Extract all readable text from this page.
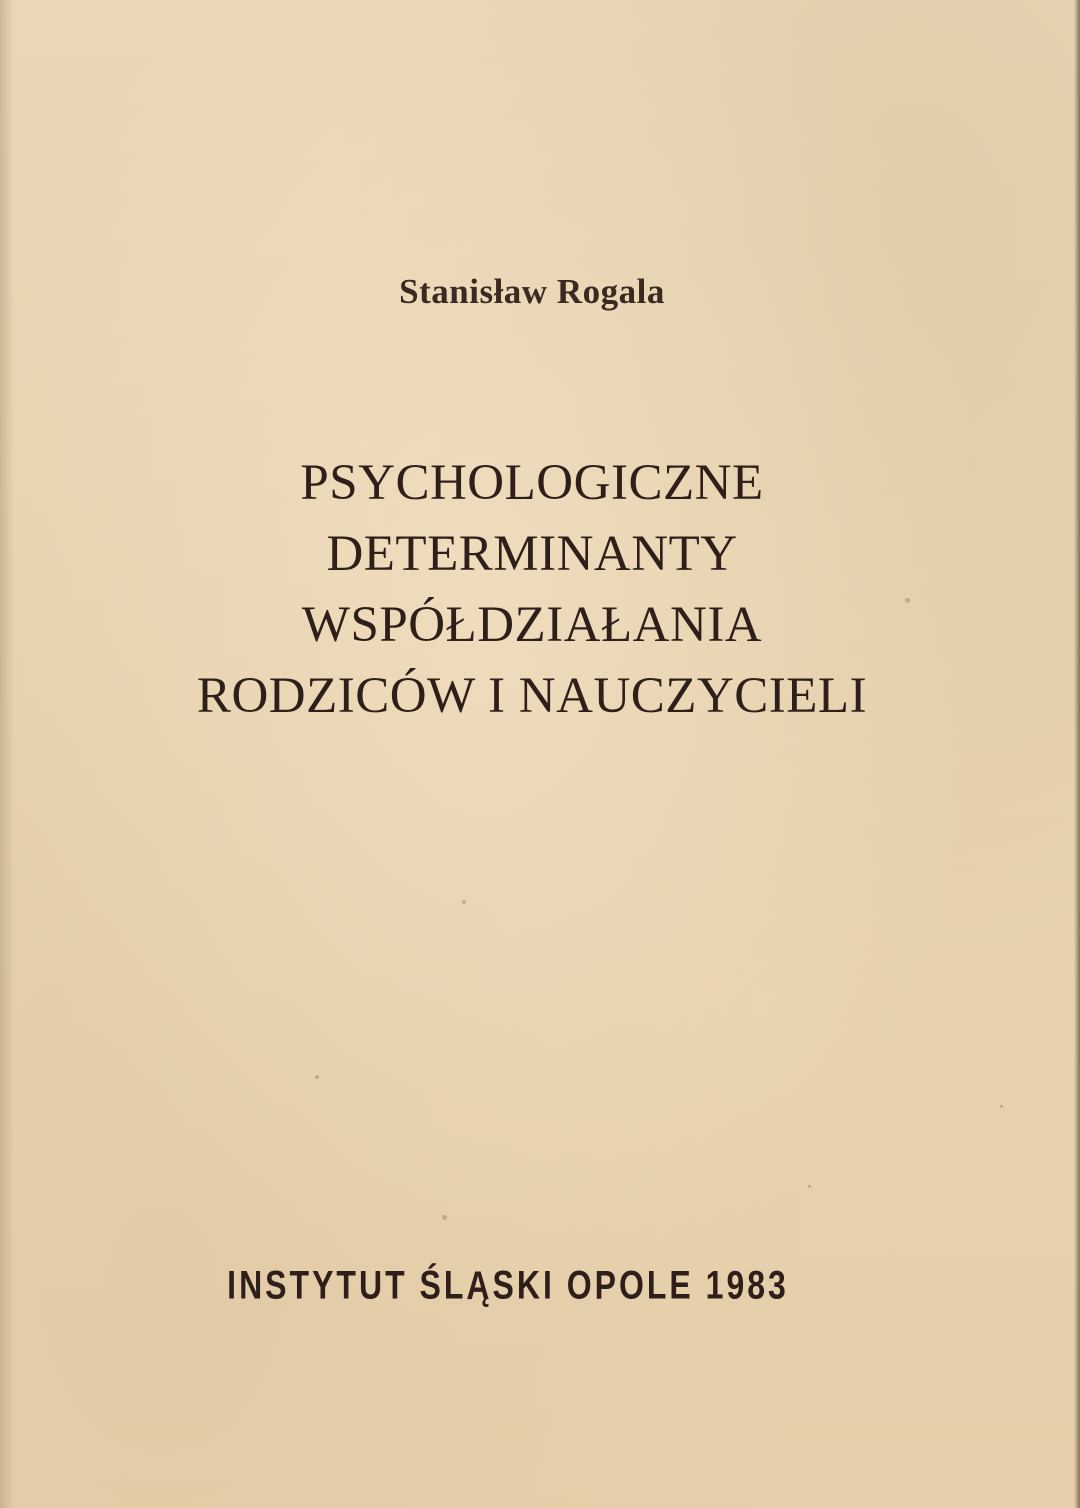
Stanisław Rogala
PSYCHOLOGICZNE
DETERMINANTY
WSPÓŁDZIAŁANIA
RODZICÓW I NAUCZYCIELI
INSTYTUT ŚLĄSKI OPOLE 1983
